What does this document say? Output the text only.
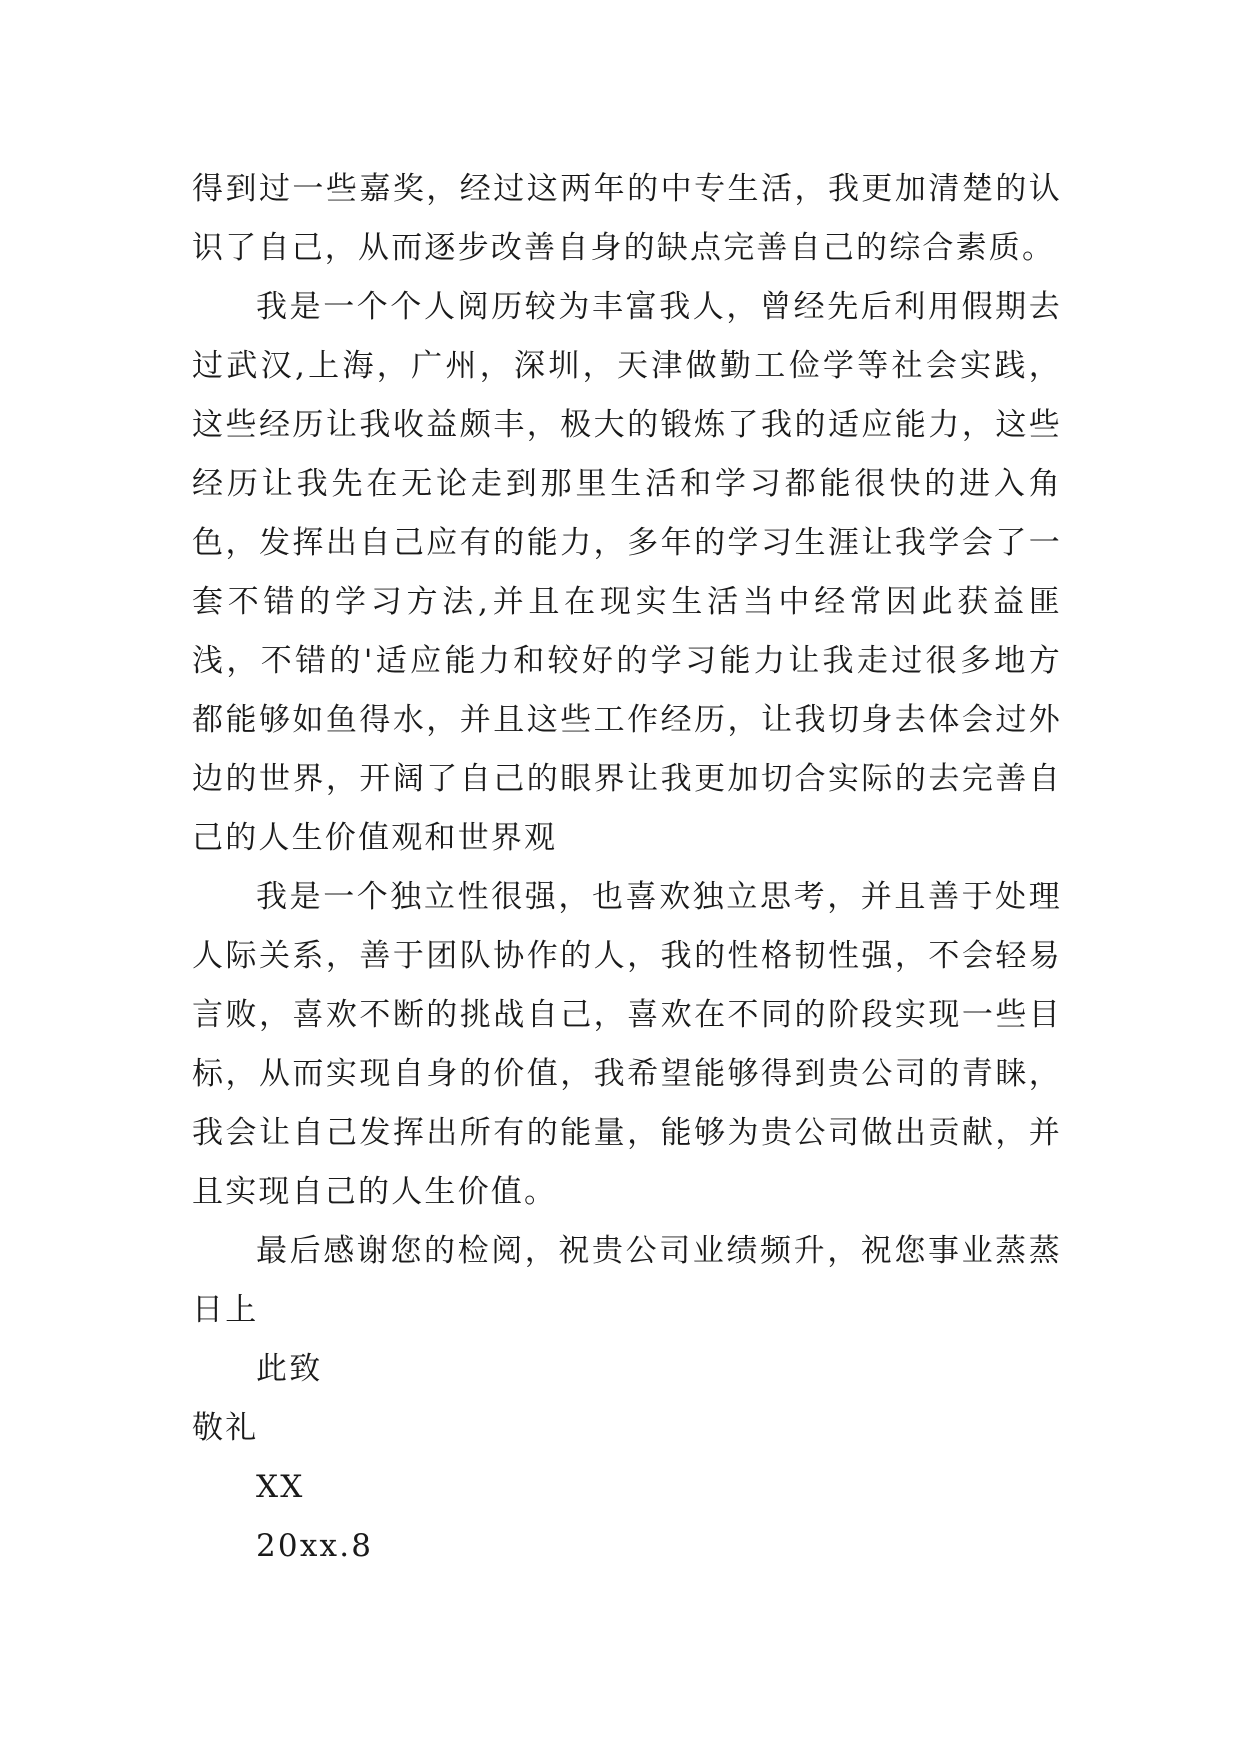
得到过一些嘉奖，经过这两年的中专生活，我更加清楚的认识了自己，从而逐步改善自身的缺点完善自己的综合素质。

我是一个个人阅历较为丰富我人，曾经先后利用假期去过武汉,上海，广州，深圳，天津做勤工俭学等社会实践，这些经历让我收益颇丰，极大的锻炼了我的适应能力，这些经历让我先在无论走到那里生活和学习都能很快的进入角色，发挥出自己应有的能力，多年的学习生涯让我学会了一套不错的学习方法,并且在现实生活当中经常因此获益匪浅，不错的'适应能力和较好的学习能力让我走过很多地方都能够如鱼得水，并且这些工作经历，让我切身去体会过外边的世界，开阔了自己的眼界让我更加切合实际的去完善自己的人生价值观和世界观

我是一个独立性很强，也喜欢独立思考，并且善于处理人际关系，善于团队协作的人，我的性格韧性强，不会轻易言败，喜欢不断的挑战自己，喜欢在不同的阶段实现一些目标，从而实现自身的价值，我希望能够得到贵公司的青睐，我会让自己发挥出所有的能量，能够为贵公司做出贡献，并且实现自己的人生价值。

最后感谢您的检阅，祝贵公司业绩频升，祝您事业蒸蒸日上

此致

敬礼

XX

20xx.8
